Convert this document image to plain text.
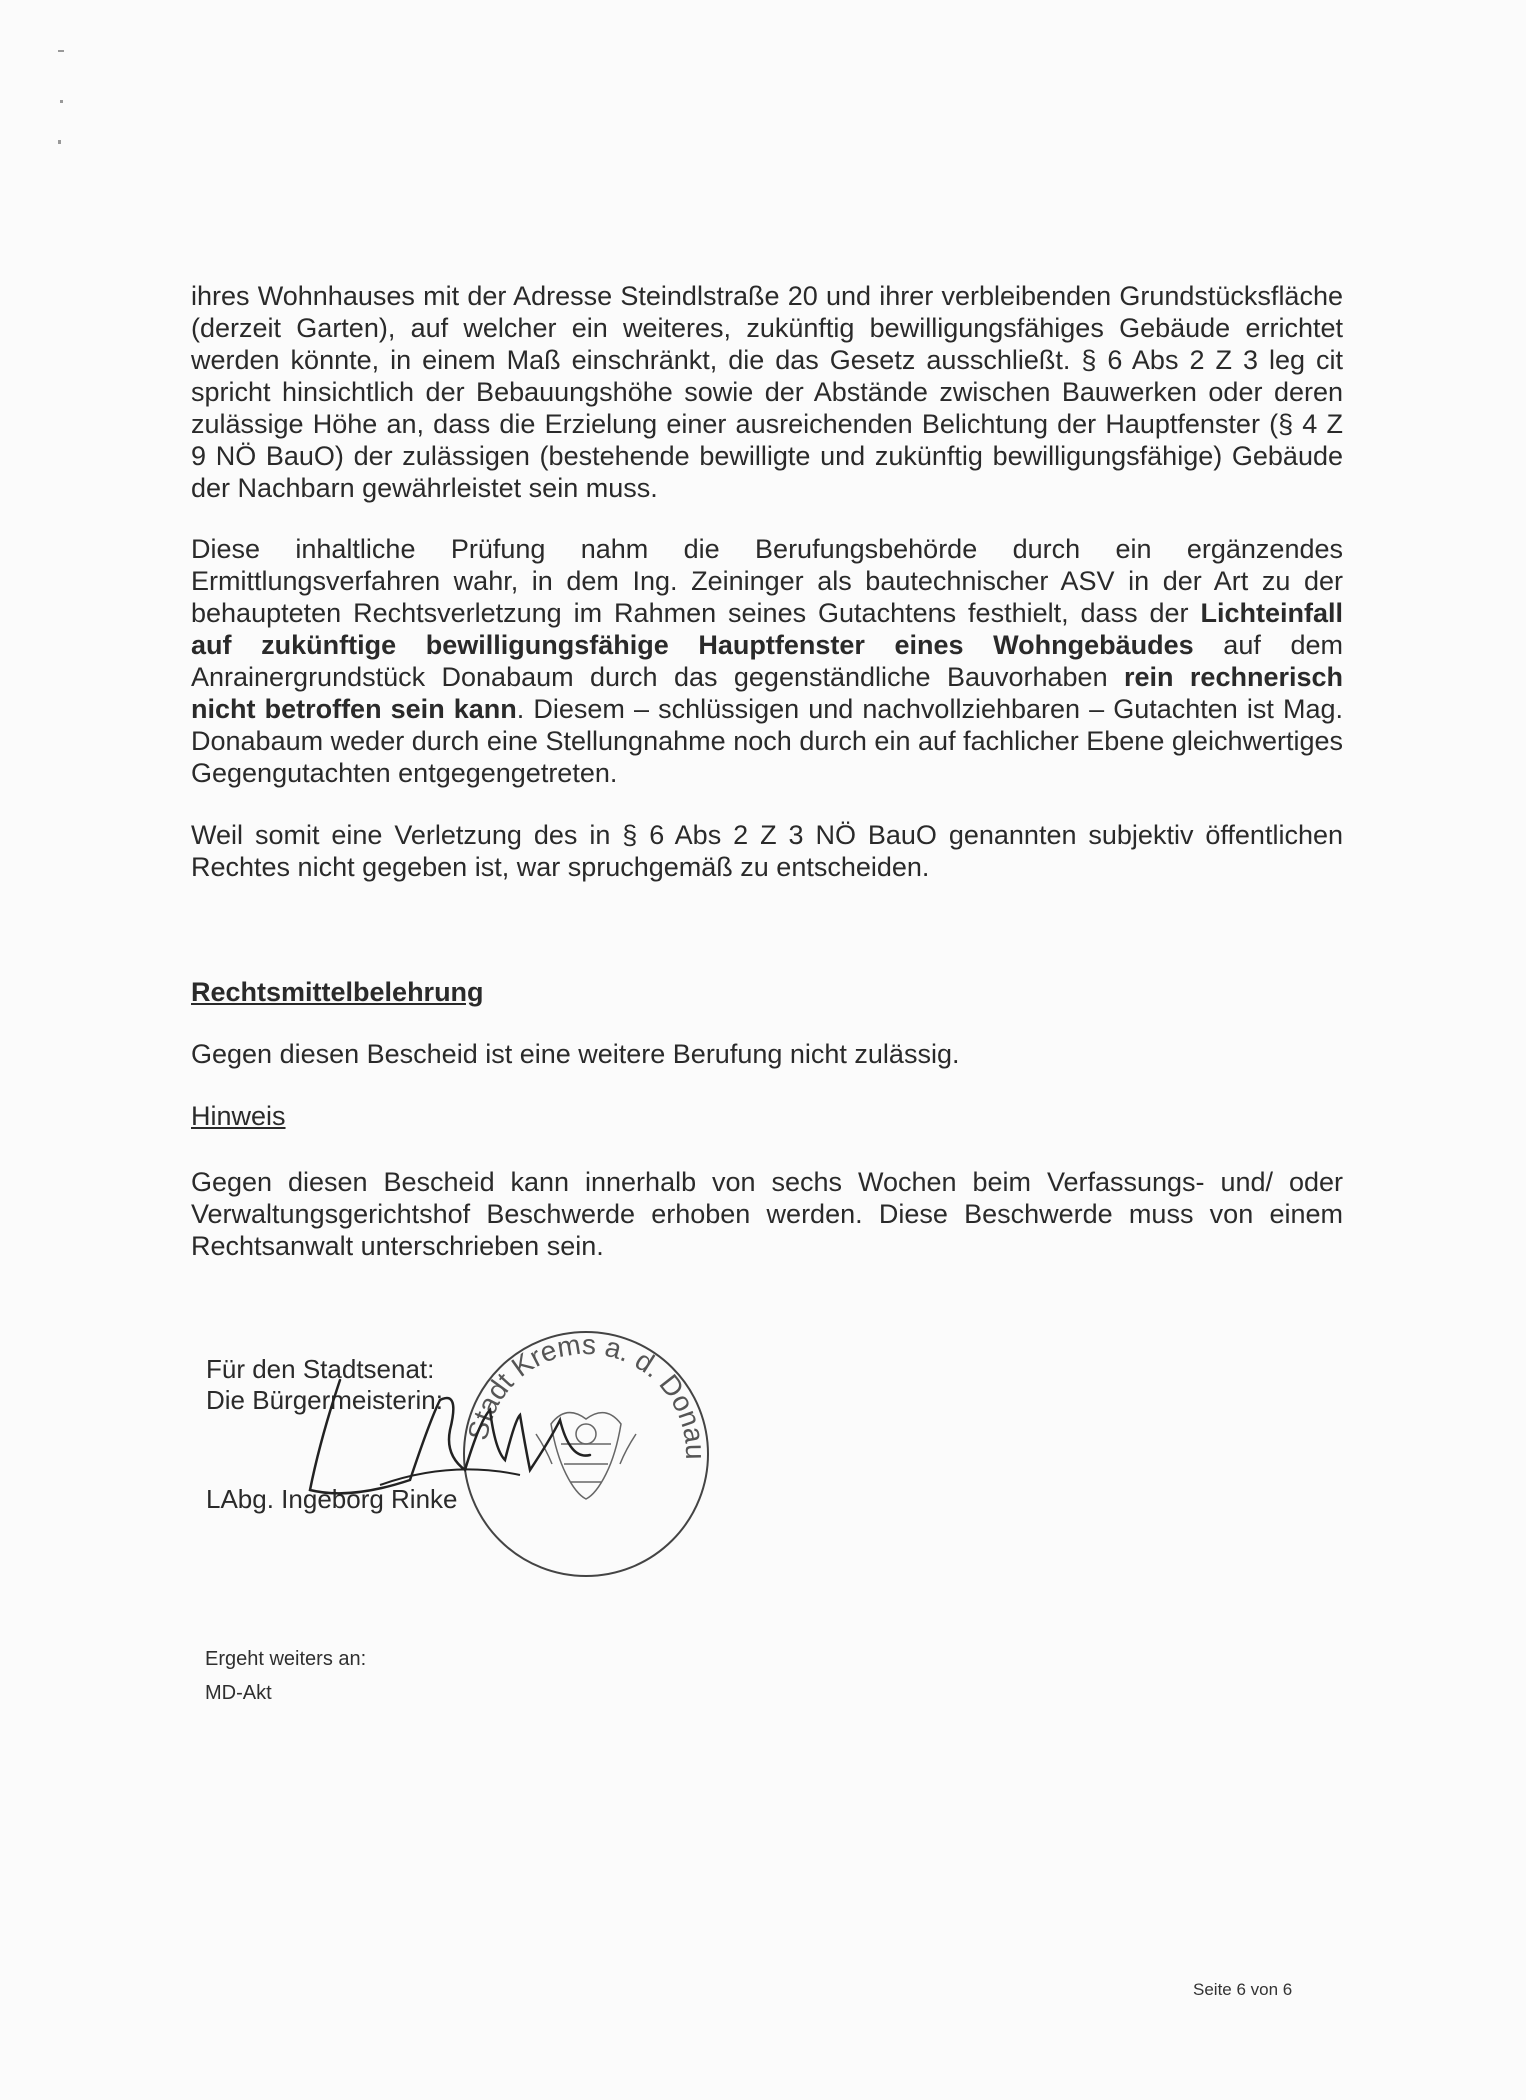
ihres Wohnhauses mit der Adresse Steindlstraße 20 und ihrer verbleibenden Grundstücksfläche (derzeit Garten), auf welcher ein weiteres, zukünftig bewilligungsfähiges Gebäude errichtet werden könnte, in einem Maß einschränkt, die das Gesetz ausschließt. § 6 Abs 2 Z 3 leg cit spricht hinsichtlich der Bebauungshöhe sowie der Abstände zwischen Bauwerken oder deren zulässige Höhe an, dass die Erzielung einer ausreichenden Belichtung der Hauptfenster (§ 4 Z 9 NÖ BauO) der zulässigen (bestehende bewilligte und zukünftig bewilligungsfähige) Gebäude der Nachbarn gewährleistet sein muss.
Diese inhaltliche Prüfung nahm die Berufungsbehörde durch ein ergänzendes Ermittlungsverfahren wahr, in dem Ing. Zeininger als bautechnischer ASV in der Art zu der behaupteten Rechtsverletzung im Rahmen seines Gutachtens festhielt, dass der Lichteinfall auf zukünftige bewilligungsfähige Hauptfenster eines Wohngebäudes auf dem Anrainergrundstück Donabaum durch das gegenständliche Bauvorhaben rein rechnerisch nicht betroffen sein kann. Diesem – schlüssigen und nachvollziehbaren – Gutachten ist Mag. Donabaum weder durch eine Stellungnahme noch durch ein auf fachlicher Ebene gleichwertiges Gegengutachten entgegengetreten.
Weil somit eine Verletzung des in § 6 Abs 2 Z 3 NÖ BauO genannten subjektiv öffentlichen Rechtes nicht gegeben ist, war spruchgemäß zu entscheiden.
Rechtsmittelbelehrung
Gegen diesen Bescheid ist eine weitere Berufung nicht zulässig.
Hinweis
Gegen diesen Bescheid kann innerhalb von sechs Wochen beim Verfassungs- und/ oder Verwaltungsgerichtshof Beschwerde erhoben werden. Diese Beschwerde muss von einem Rechtsanwalt unterschrieben sein.
Für den Stadtsenat:
Die Bürgermeisterin:
LAbg. Ingeborg Rinke
Stadt Krems a. d. Donau
Ergeht weiters an:
MD-Akt
Seite 6 von 6
